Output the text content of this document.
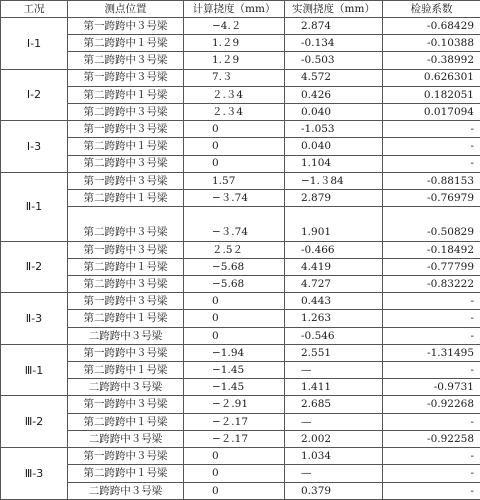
工况	测点位置	计算挠度（mm）	实测挠度（mm）	检验系数
Ⅰ-1	第一跨跨中３号梁	−4.２	2.874	-0.68429
	第二跨跨中１号梁	1.２9	-0.134	-0.10388
	第二跨跨中３号梁	1.２9	-0.503	-0.38992
Ⅰ-2	第一跨跨中３号梁	7.３	4.572	0.626301
	第二跨跨中１号梁	２.３4	0.426	0.182051
	第二跨跨中３号梁	２.３4	0.040	0.017094
Ⅰ-3	第一跨跨中３号梁	0	-1.053	-
	第二跨跨中１号梁	0	0.040	-
	第二跨跨中３号梁	0	1.104	-
Ⅱ-1	第一跨跨中３号梁	1.57	−1.３84	-0.88153
	第二跨跨中１号梁	−３.74	2.879	-0.76979
	第二跨跨中３号梁	−３.74	1.901	-0.50829
Ⅱ-2	第一跨跨中３号梁	２.5２	-0.466	-0.18492
	第二跨跨中１号梁	−5.68	4.419	-0.77799
	第二跨跨中３号梁	−5.68	4.727	-0.83222
Ⅱ-3	第一跨跨中３号梁	0	0.443	-
	第二跨跨中１号梁	0	1.263	-
	二跨跨中３号梁	0	-0.546	-
Ⅲ-1	第一跨跨中３号梁	−1.94	2.551	-1.31495
	第二跨跨中１号梁	−1.45	—	-
	二跨跨中３号梁	−1.45	1.411	-0.9731
Ⅲ-2	第一跨跨中３号梁	−２.91	2.685	-0.92268
	第二跨跨中１号梁	−２.17	—	-
	二跨跨中３号梁	−２.17	2.002	-0.92258
Ⅲ-3	第一跨跨中３号梁	0	1.034	-
	第二跨跨中１号梁	0	—	-
	二跨跨中３号梁	0	0.379	-
